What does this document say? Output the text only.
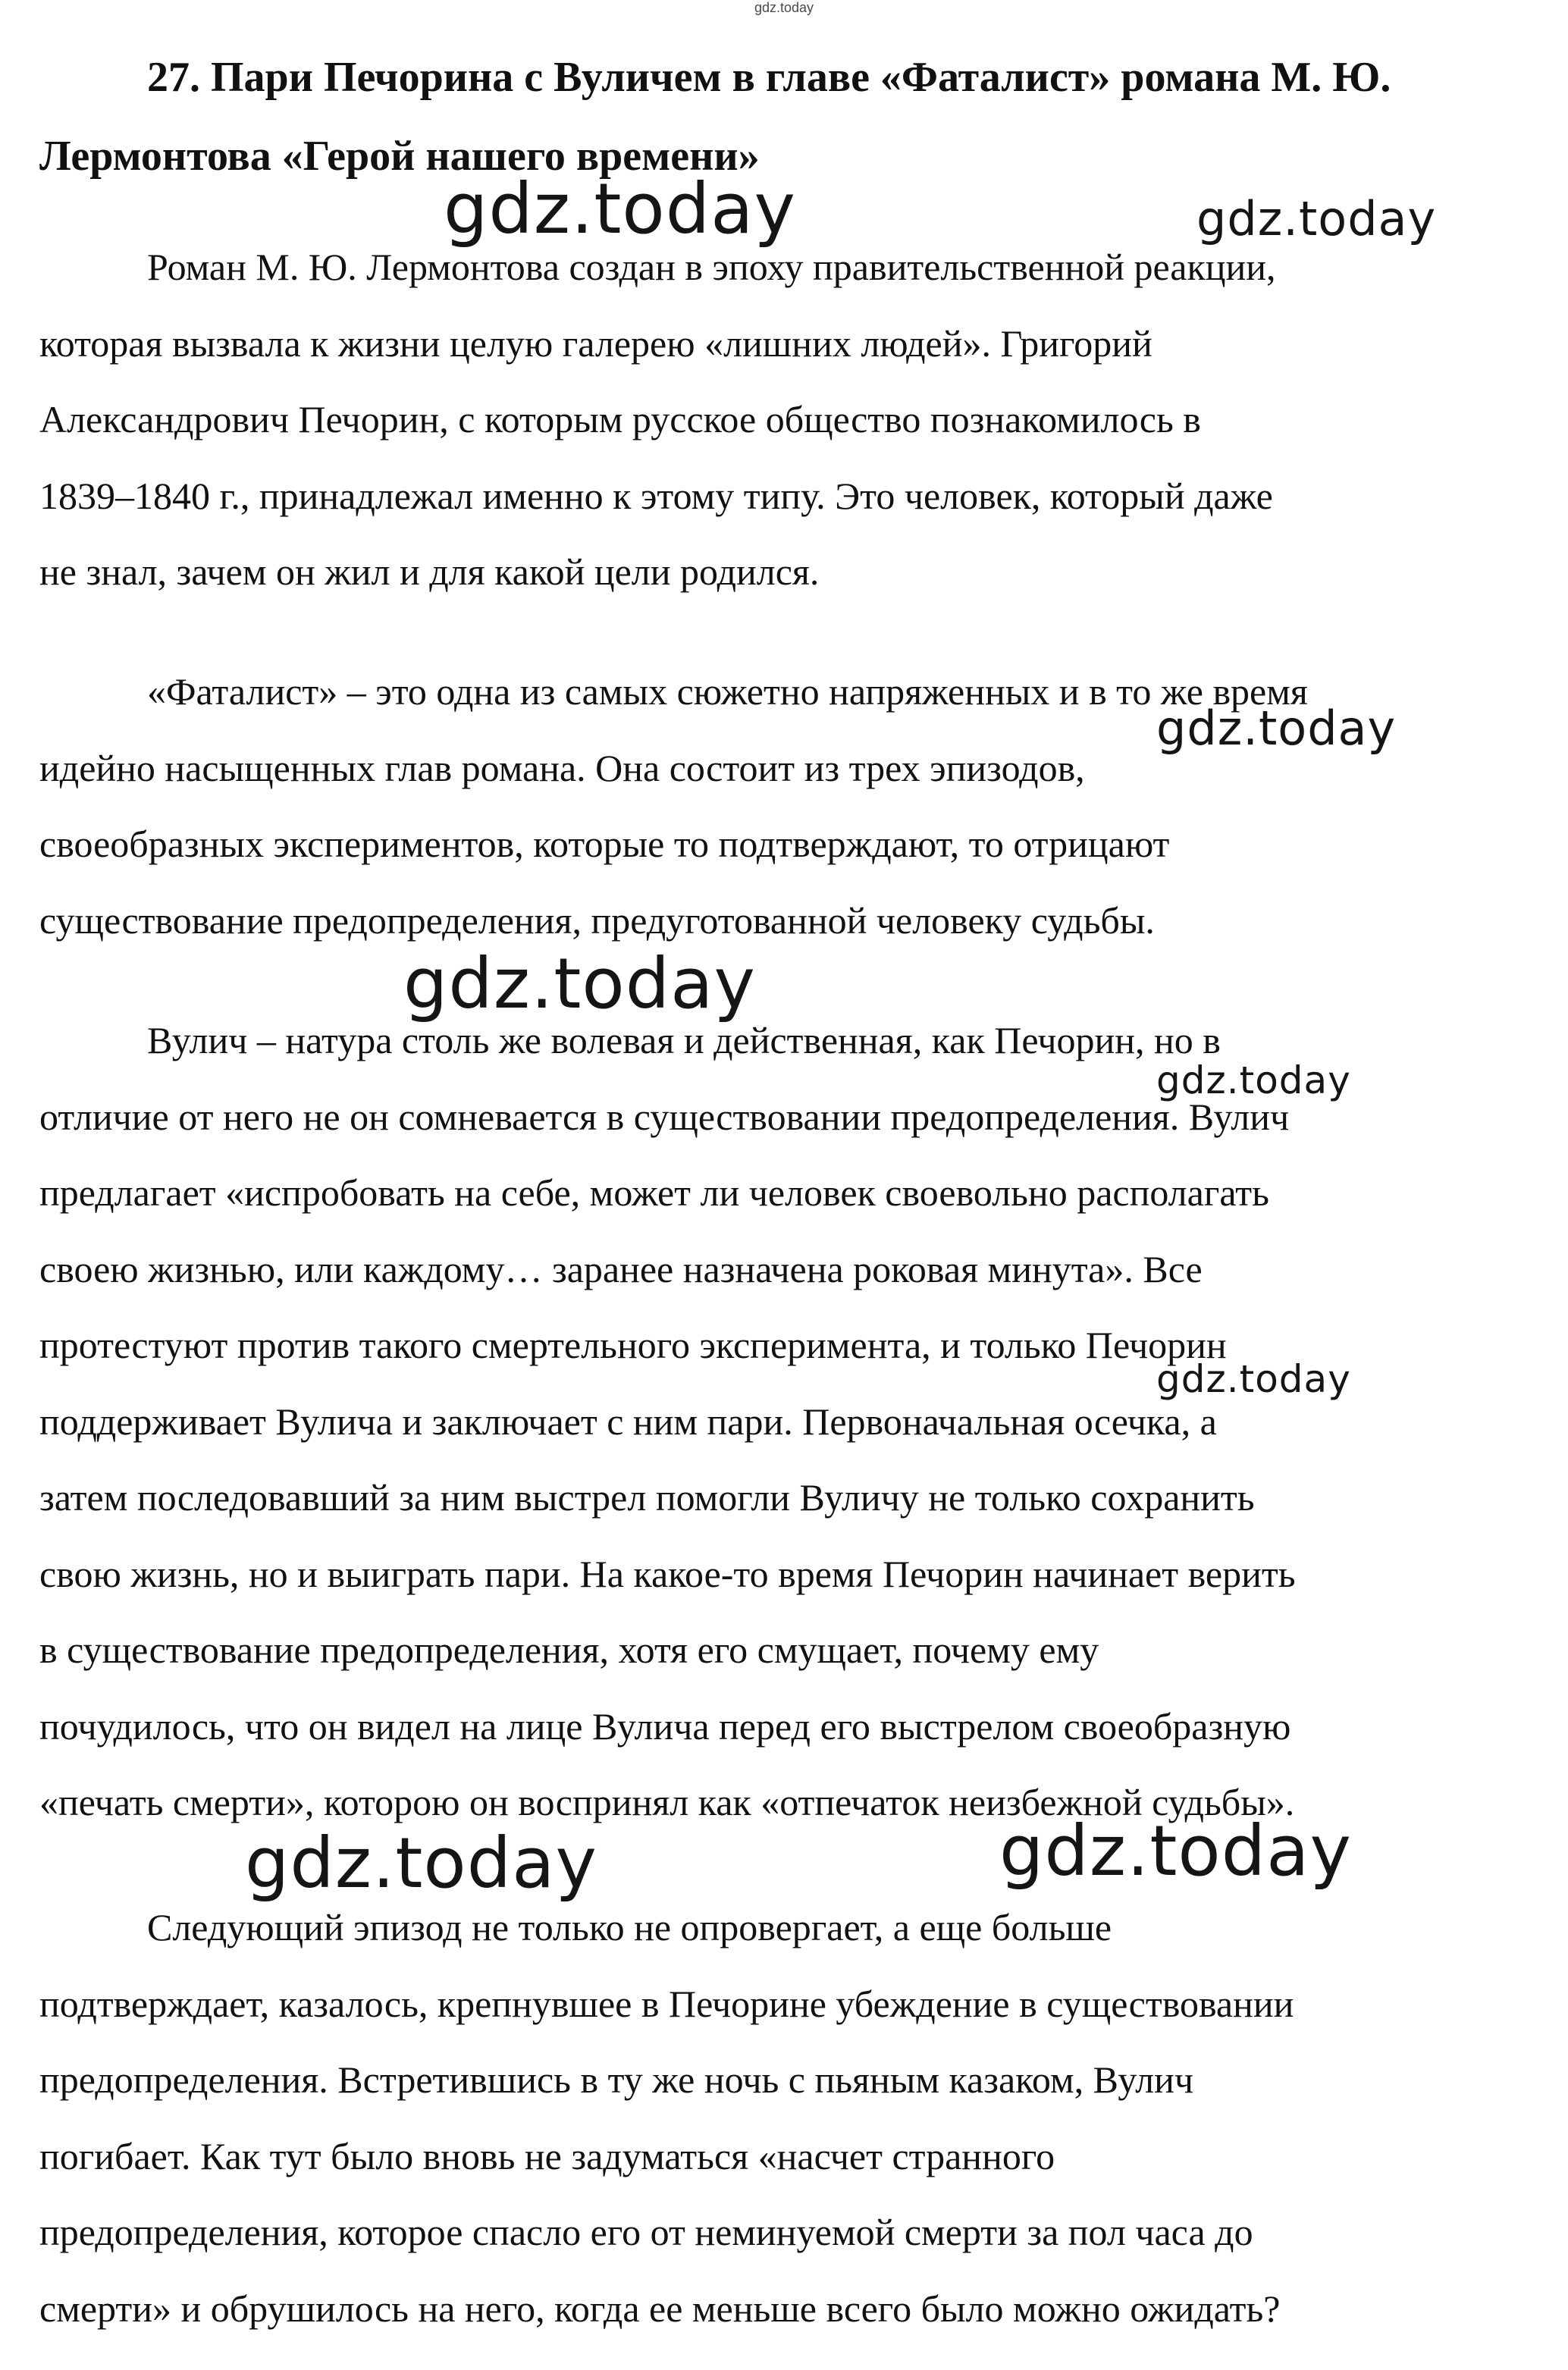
gdz.today
27. Пари Печорина с Вуличем в главе «Фаталист» романа М. Ю.
Лермонтова «Герой нашего времени»

Роман М. Ю. Лермонтова создан в эпоху правительственной реакции,
которая вызвала к жизни целую галерею «лишних людей». Григорий
Александрович Печорин, с которым русское общество познакомилось в
1839–1840 г., принадлежал именно к этому типу. Это человек, который даже
не знал, зачем он жил и для какой цели родился.

«Фаталист» – это одна из самых сюжетно напряженных и в то же время
идейно насыщенных глав романа. Она состоит из трех эпизодов,
своеобразных экспериментов, которые то подтверждают, то отрицают
существование предопределения, предуготованной человеку судьбы.

Вулич – натура столь же волевая и действенная, как Печорин, но в
отличие от него не он сомневается в существовании предопределения. Вулич
предлагает «испробовать на себе, может ли человек своевольно располагать
своею жизнью, или каждому… заранее назначена роковая минута». Все
протестуют против такого смертельного эксперимента, и только Печорин
поддерживает Вулича и заключает с ним пари. Первоначальная осечка, а
затем последовавший за ним выстрел помогли Вуличу не только сохранить
свою жизнь, но и выиграть пари. На какое-то время Печорин начинает верить
в существование предопределения, хотя его смущает, почему ему
почудилось, что он видел на лице Вулича перед его выстрелом своеобразную
«печать смерти», которою он воспринял как «отпечаток неизбежной судьбы».

Следующий эпизод не только не опровергает, а еще больше
подтверждает, казалось, крепнувшее в Печорине убеждение в существовании
предопределения. Встретившись в ту же ночь с пьяным казаком, Вулич
погибает. Как тут было вновь не задуматься «насчет странного
предопределения, которое спасло его от неминуемой смерти за пол часа до
смерти» и обрушилось на него, когда ее меньше всего было можно ожидать?

gdz.today	gdz.today
gdz.today
gdz.today
gdz.today
gdz.today
gdz.today	gdz.today
